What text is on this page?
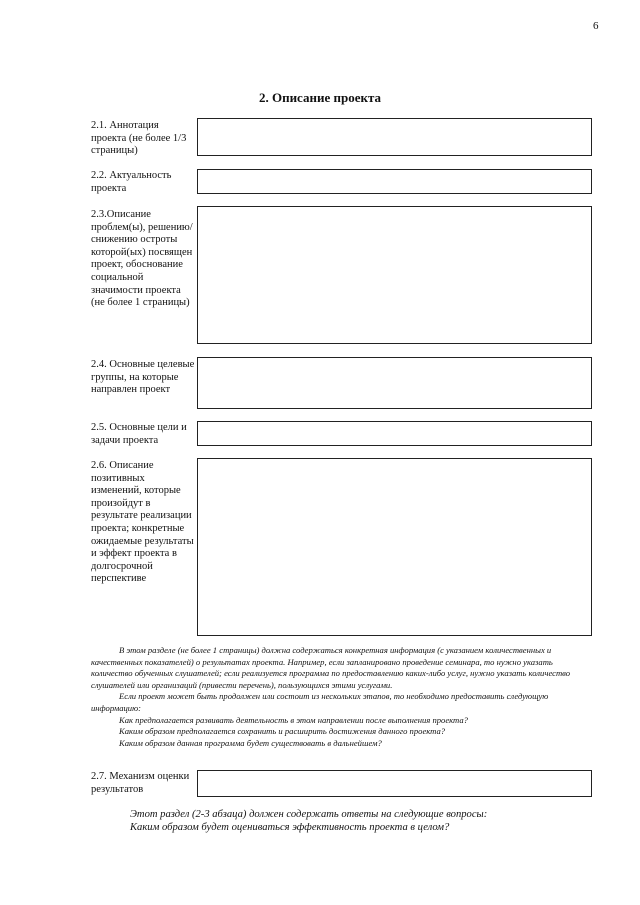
6
2. Описание проекта
2.1. Аннотация проекта (не более 1/3 страницы)
2.2. Актуальность проекта
2.3.Описание проблем(ы), решению/снижению остроты которой(ых) посвящен проект, обоснование социальной значимости проекта (не более 1 страницы)
2.4. Основные целевые группы, на которые направлен проект
2.5. Основные цели и задачи проекта
2.6. Описание позитивных изменений, которые произойдут в результате реализации проекта; конкретные ожидаемые результаты и эффект проекта в долгосрочной перспективе

В этом разделе (не более 1 страницы) должна содержаться конкретная информация (с указанием количественных и качественных показателей) о результатах проекта. Например, если запланировано проведение семинара, то нужно указать количество обученных слушателей; если реализуется программа по предоставлению каких-либо услуг, нужно указать количество слушателей или организаций (привести перечень), пользующихся этими услугами.

Если проект может быть продолжен или состоит из нескольких этапов, то необходимо предоставить следующую информацию:

Как предполагается развивать деятельность в этом направлении после выполнения проекта?

Каким образом предполагается сохранить и расширить достижения данного проекта?

Каким образом данная программа будет существовать в дальнейшем?

2.7. Механизм оценки результатов

Этот раздел (2-3 абзаца) должен содержать ответы на следующие вопросы:

Каким образом будет оцениваться эффективность проекта в целом?
